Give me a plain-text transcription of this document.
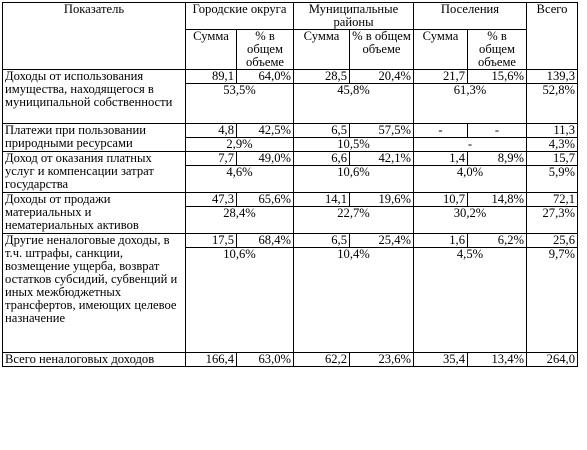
Показатель	Городские округа		Муниципальные районы		Поселения		Всего
	Сумма	% в общем объеме	Сумма	% в общем объеме	Сумма	% в общем объеме	
Доходы от использования имущества, находящегося в муниципальной собственности	89,1	64,0%	28,5	20,4%	21,7	15,6%	139,3
	53,5%		45,8%		61,3%		52,8%
Платежи при пользовании природными ресурсами	4,8	42,5%	6,5	57,5%	-	-	11,3
	2,9%		10,5%		-		4,3%
Доход от оказания платных услуг и компенсации затрат государства	7,7	49,0%	6,6	42,1%	1,4	8,9%	15,7
	4,6%		10,6%		4,0%		5,9%
Доходы от продажи материальных и нематериальных активов	47,3	65,6%	14,1	19,6%	10,7	14,8%	72,1
	28,4%		22,7%		30,2%		27,3%
Другие неналоговые доходы, в т.ч. штрафы, санкции, возмещение ущерба, возврат остатков субсидий, субвенций и иных межбюджетных трансфертов, имеющих целевое назначение	17,5	68,4%	6,5	25,4%	1,6	6,2%	25,6
	10,6%		10,4%		4,5%		9,7%
Всего неналоговых доходов	166,4	63,0%	62,2	23,6%	35,4	13,4%	264,0
